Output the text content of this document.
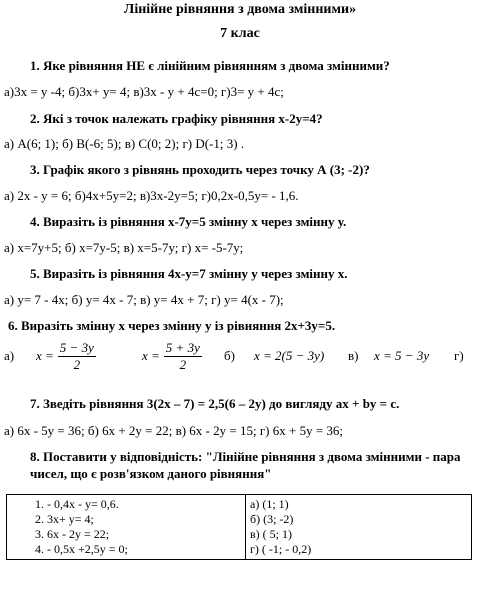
Лінійне рівняння з двома змінними»
7 клас
1. Яке рівняння НЕ є лінійним рівнянням з двома змінними?
а)3х = у -4; б)3х+ у= 4; в)3х - у + 4с=0; г)3= у + 4с;
2. Які з точок належать графіку рівняння х-2у=4?
а) А(6; 1); б) В(-6; 5); в) С(0; 2); г) D(-1; 3) .
3. Графік якого з рівнянь проходить через точку А (3; -2)?
а) 2х - у = 6; б)4х+5у=2; в)3х-2у=5; г)0,2х-0,5у= - 1,6.
4. Виразіть із рівняння х-7у=5 змінну х через змінну у.
а) х=7у+5; б) х=7у-5; в) х=5-7у; г) х= -5-7у;
5. Виразіть із рівняння 4х-у=7 змінну у через змінну х.
а) у= 7 - 4х; б) у= 4х - 7; в) у= 4х + 7; г) у= 4(х - 7);
6. Виразіть змінну х через змінну у із рівняння 2х+3у=5.
а) $x = \frac{5 - 3y}{2}$	$x = \frac{5 + 3y}{2} б$) x = 2(5 − 3y) в) x = 5 − 3y г)
7. Зведіть рівняння 3(2х – 7) = 2,5(6 – 2у) до вигляду ах + bу = с.
а) 6х - 5у = 36; б) 6х + 2у = 22; в) 6х - 2у = 15; г) 6х + 5у = 36;
8. Поставити у відповідність: "Лінійне рівняння з двома змінними - пара чисел, що є розв'язком даного рівняння"
1. - 0,4х - у= 0,6.
2. 3х+ у= 4;
3. 6х - 2у = 22;
4. - 0,5х +2,5у = 0;

а) (1; 1)
б) (3; -2)
в) ( 5; 1)
г) ( -1; - 0,2)
